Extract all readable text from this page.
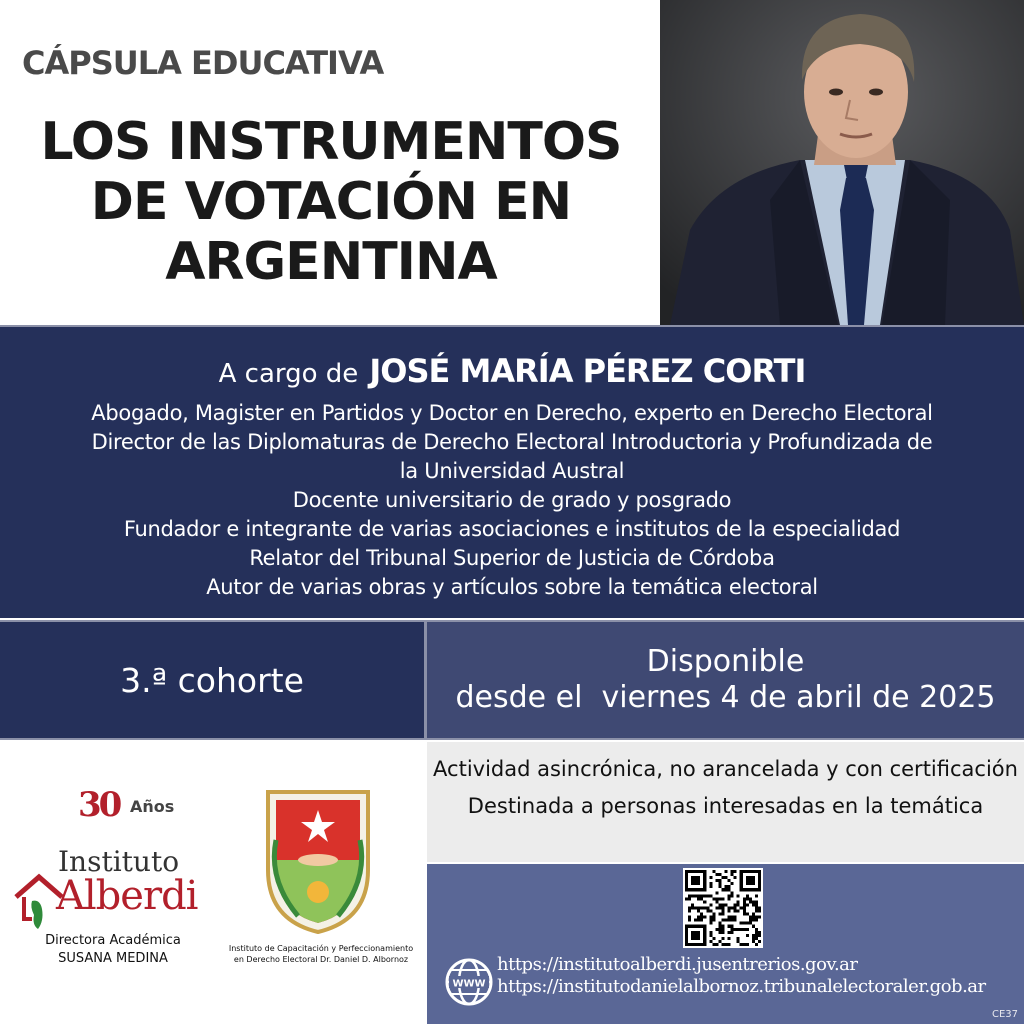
CÁPSULA EDUCATIVA
LOS INSTRUMENTOS
DE VOTACIÓN EN
ARGENTINA
A cargo de JOSÉ MARÍA PÉREZ CORTI
Abogado, Magister en Partidos y Doctor en Derecho, experto en Derecho Electoral
Director de las Diplomaturas de Derecho Electoral Introductoria y Profundizada de
la Universidad Austral
Docente universitario de grado y posgrado
Fundador e integrante de varias asociaciones e institutos de la especialidad
Relator del Tribunal Superior de Justicia de Córdoba
Autor de varias obras y artículos sobre la temática electoral
3.ª cohorte	Disponible
desde el  viernes 4 de abril de 2025
Actividad asincrónica, no arancelada y con certificación
Destinada a personas interesadas en la temática
WWW
https://institutoalberdi.jusentrerios.gov.ar
https://institutodanielalbornoz.tribunalelectoraler.gob.ar
CE37
30 Años
Instituto
Alberdi
Directora Académica
SUSANA MEDINA
Instituto de Capacitación y Perfeccionamiento en Derecho Electoral Dr. Daniel D. Albornoz
